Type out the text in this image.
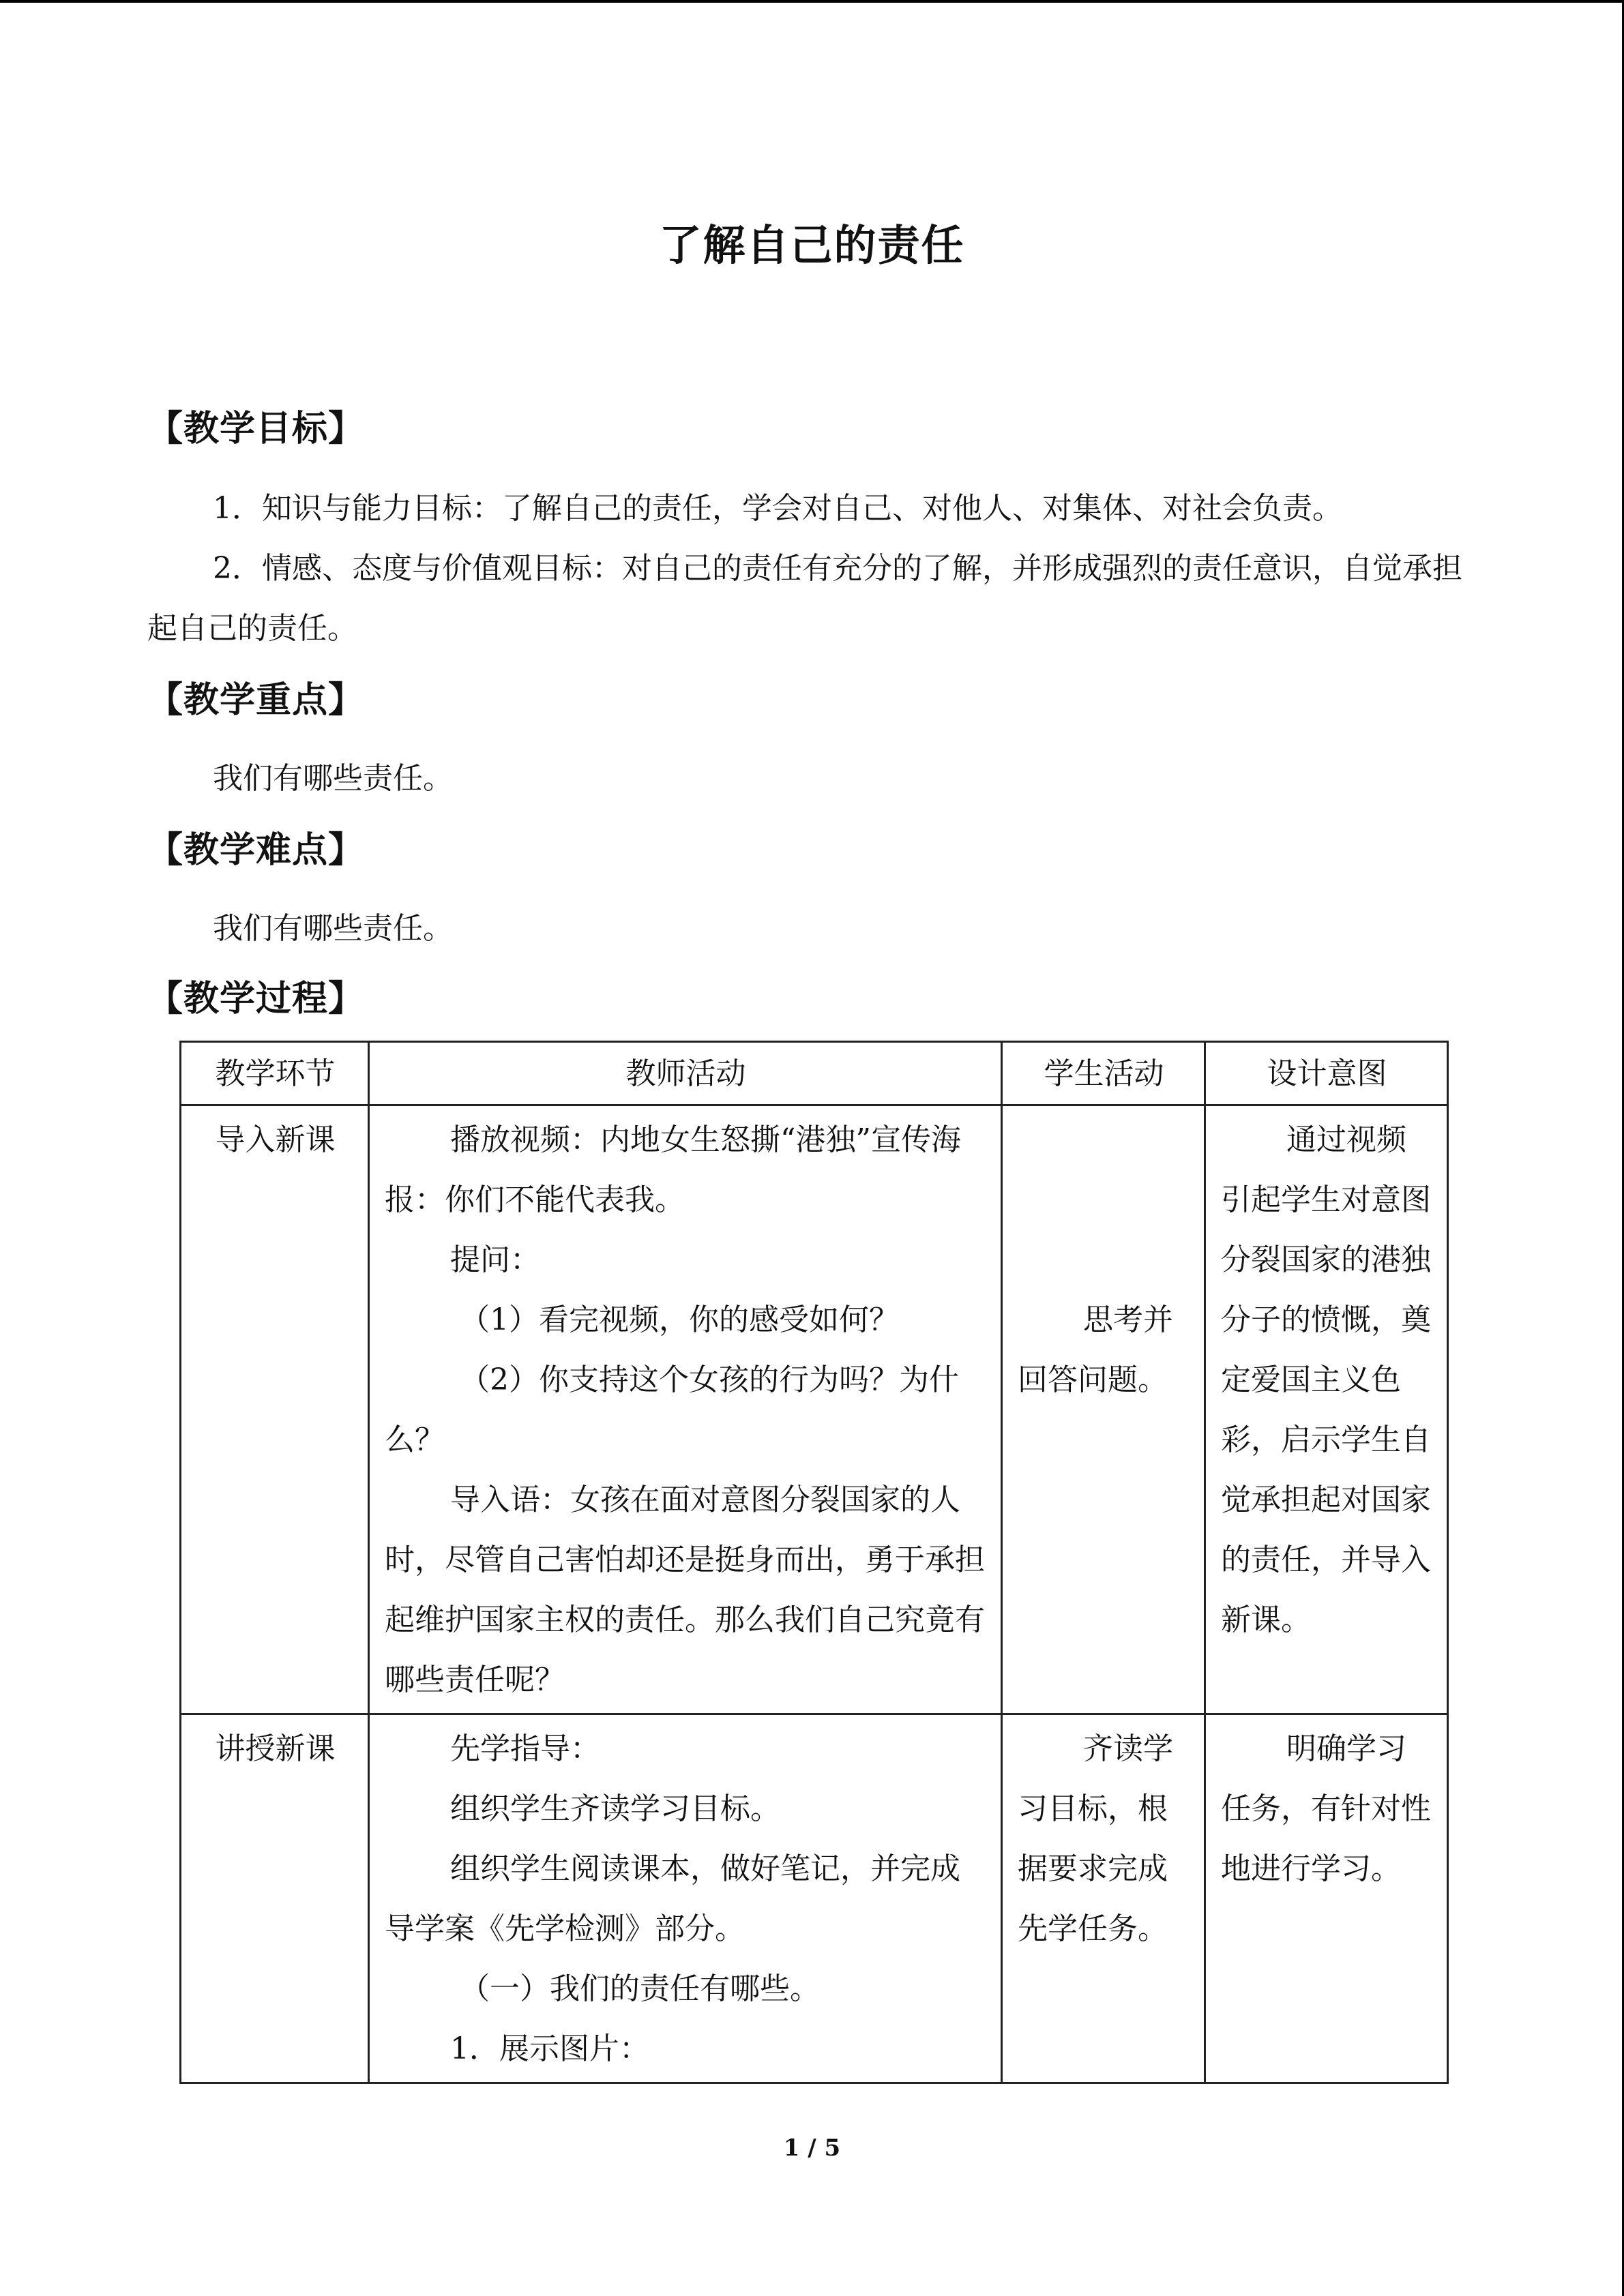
了解自己的责任
【教学目标】
1．知识与能力目标：了解自己的责任，学会对自己、对他人、对集体、对社会负责。
2．情感、态度与价值观目标：对自己的责任有充分的了解，并形成强烈的责任意识，自觉承担起自己的责任。
【教学重点】
我们有哪些责任。
【教学难点】
我们有哪些责任。
【教学过程】
教学环节	教师活动	学生活动	设计意图
导入新课	播放视频：内地女生怒撕“港独”宣传海报：你们不能代表我。
提问：
（1）看完视频，你的感受如何？
（2）你支持这个女孩的行为吗？为什么？
导入语：女孩在面对意图分裂国家的人时，尽管自己害怕却还是挺身而出，勇于承担起维护国家主权的责任。那么我们自己究竟有哪些责任呢？	思考并回答问题。	通过视频引起学生对意图分裂国家的港独分子的愤慨，奠定爱国主义色彩，启示学生自觉承担起对国家的责任，并导入新课。

讲授新课	先学指导：
组织学生齐读学习目标。
组织学生阅读课本，做好笔记，并完成导学案《先学检测》部分。
（一）我们的责任有哪些。
1．展示图片：	齐读学习目标，根据要求完成先学任务。	明确学习任务，有针对性地进行学习。
1 / 5
